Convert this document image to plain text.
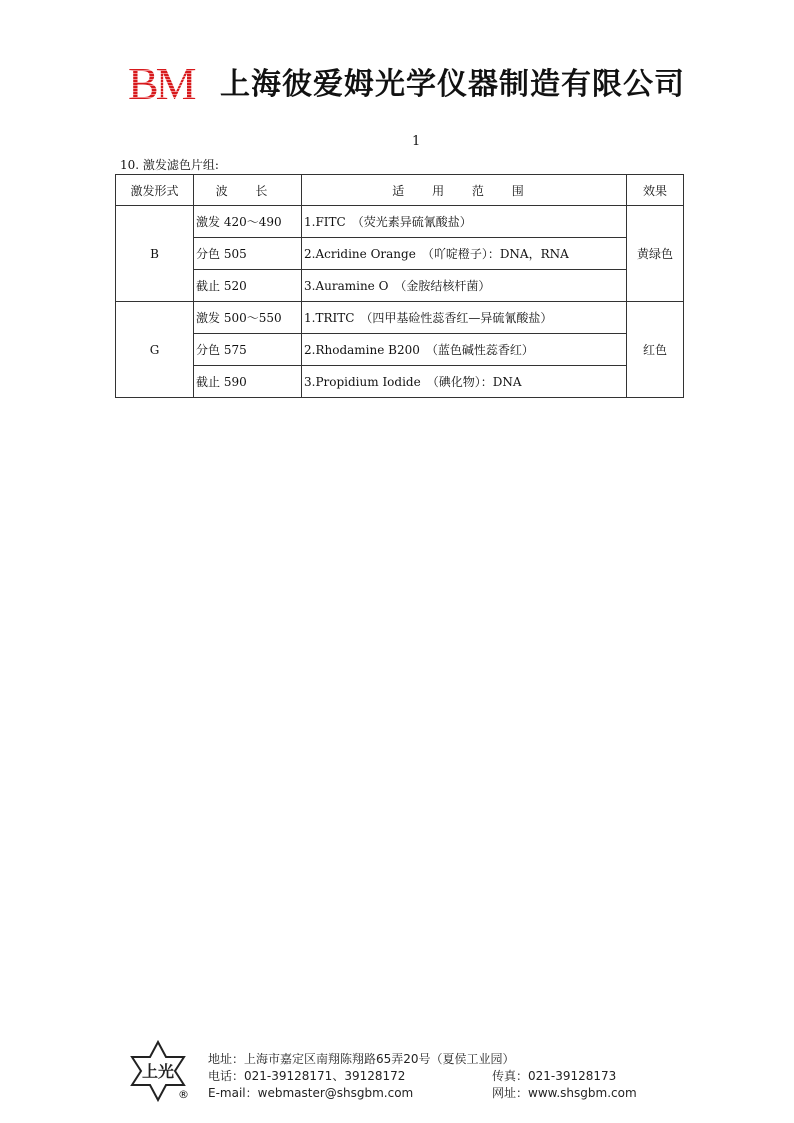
BM 上海彼爱姆光学仪器制造有限公司
1
10. 激发滤色片组:
激发形式	波 长	适 用 范 围	效果
B	激发 420～490	1.FITC　（荧光素异硫氰酸盐）	黄绿色
	分色 505	2.Acridine Orange　（吖啶橙子）：DNA，RNA	
	截止 520	3.Auramine O　（金胺结核杆菌）	
G	激发 500～550	1.TRITC　（四甲基硷性蕊香红—异硫氰酸盐）	红色
	分色 575	2.Rhodamine B200　（蓝色碱性蕊香红）	
	截止 590	3.Propidium Iodide　（碘化物）：DNA	
上光
®
地址：上海市嘉定区南翔陈翔路65弄20号（夏侯工业园）
电话：021-39128171、39128172	传真：021-39128173
E-mail：webmaster@shsgbm.com	网址：www.shsgbm.com
